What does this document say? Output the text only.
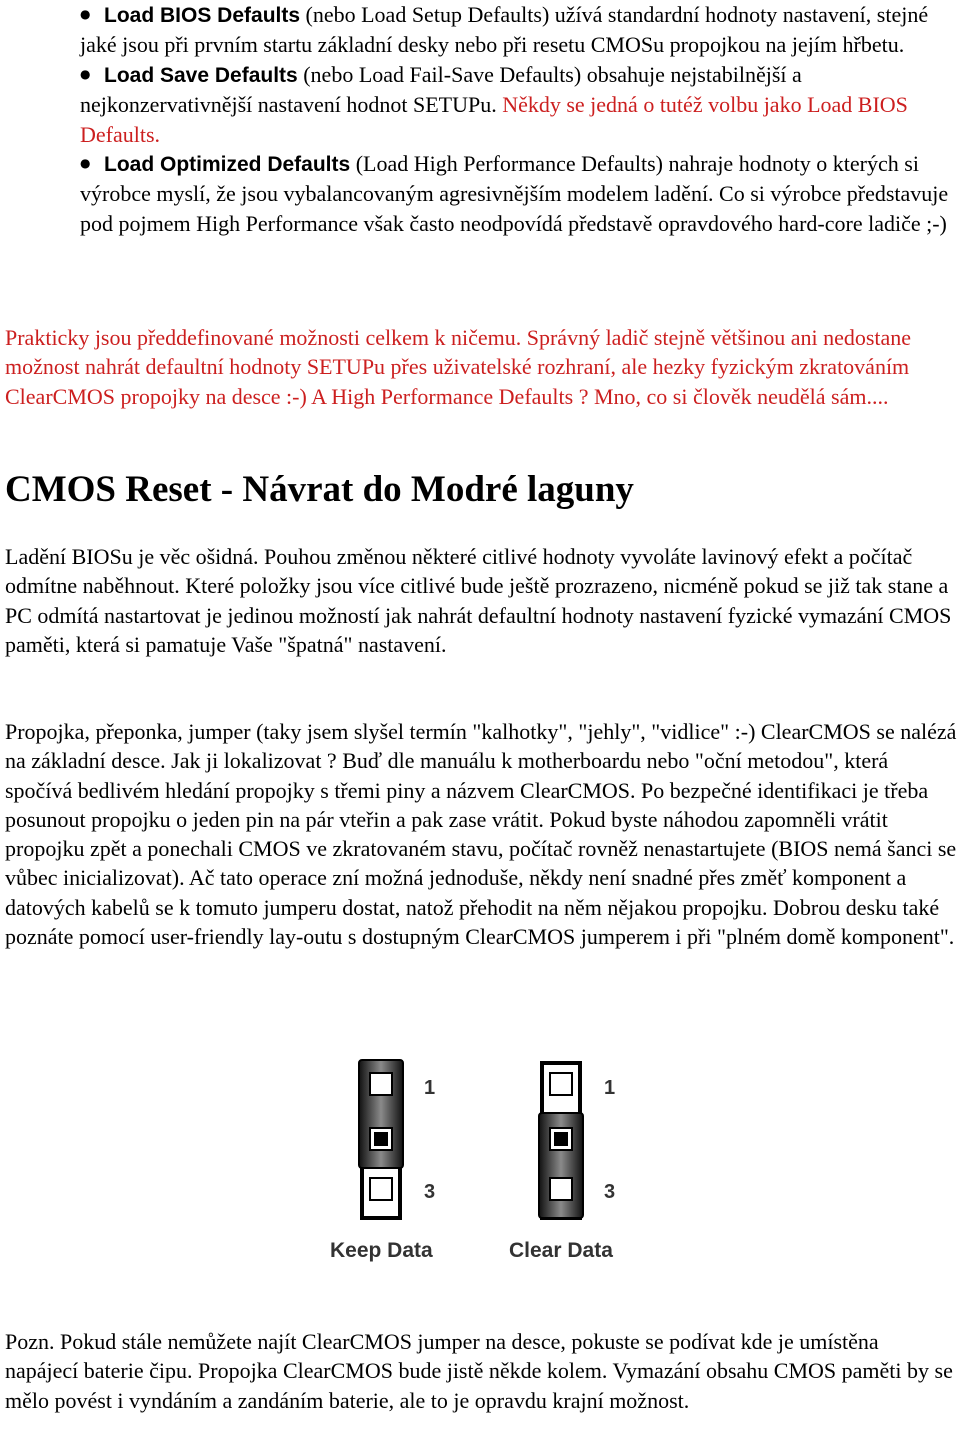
● Load BIOS Defaults (nebo Load Setup Defaults) užívá standardní hodnoty nastavení, stejné jaké jsou při prvním startu základní desky nebo při resetu CMOSu propojkou na jejím hřbetu.
● Load Save Defaults (nebo Load Fail-Save Defaults) obsahuje nejstabilnější a nejkonzervativnější nastavení hodnot SETUPu. Někdy se jedná o tutéž volbu jako Load BIOS Defaults.
● Load Optimized Defaults (Load High Performance Defaults) nahraje hodnoty o kterých si výrobce myslí, že jsou vybalancovaným agresivnějším modelem ladění. Co si výrobce představuje pod pojmem High Performance však často neodpovídá představě opravdového hard-core ladiče ;-)

Prakticky jsou předdefinované možnosti celkem k ničemu. Správný ladič stejně většinou ani nedostane možnost nahrát defaultní hodnoty SETUPu přes uživatelské rozhraní, ale hezky fyzickým zkratováním ClearCMOS propojky na desce :-) A High Performance Defaults ? Mno, co si člověk neudělá sám....

CMOS Reset - Návrat do Modré laguny

Ladění BIOSu je věc ošidná. Pouhou změnou některé citlivé hodnoty vyvoláte lavinový efekt a počítač odmítne naběhnout. Které položky jsou více citlivé bude ještě prozrazeno, nicméně pokud se již tak stane a PC odmítá nastartovat je jedinou možností jak nahrát defaultní hodnoty nastavení fyzické vymazání CMOS paměti, která si pamatuje Vaše "špatná" nastavení.

Propojka, přeponka, jumper (taky jsem slyšel termín "kalhotky", "jehly", "vidlice" :-) ClearCMOS se nalézá na základní desce. Jak ji lokalizovat ? Buď dle manuálu k motherboardu nebo "oční metodou", která spočívá bedlivém hledání propojky s třemi piny a názvem ClearCMOS. Po bezpečné identifikaci je třeba posunout propojku o jeden pin na pár vteřin a pak zase vrátit. Pokud byste náhodou zapomněli vrátit propojku zpět a ponechali CMOS ve zkratovaném stavu, počítač rovněž nenastartujete (BIOS nemá šanci se vůbec inicializovat). Ač tato operace zní možná jednoduše, někdy není snadné přes změť komponent a datových kabelů se k tomuto jumperu dostat, natož přehodit na něm nějakou propojku. Dobrou desku také poznáte pomocí user-friendly lay-outu s dostupným ClearCMOS jumperem i při "plném domě komponent".

1
3
Keep Data
1
3
Clear Data

Pozn. Pokud stále nemůžete najít ClearCMOS jumper na desce, pokuste se podívat kde je umístěna napájecí baterie čipu. Propojka ClearCMOS bude jistě někde kolem. Vymazání obsahu CMOS paměti by se mělo povést i vyndáním a zandáním baterie, ale to je opravdu krajní možnost.
